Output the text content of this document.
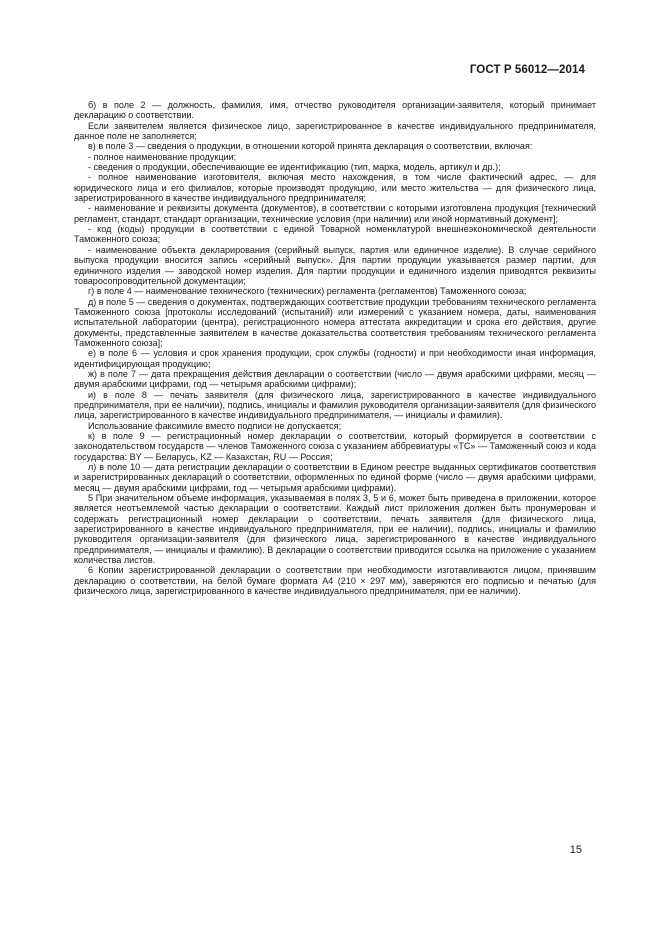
ГОСТ Р 56012—2014

б) в поле 2 — должность, фамилия, имя, отчество руководителя организации-заявителя, который принимает декларацию о соответствии.

Если заявителем является физическое лицо, зарегистрированное в качестве индивидуального предпринимателя, данное поле не заполняется;

в) в поле 3 — сведения о продукции, в отношении которой принята декларация о соответствии, включая:

- полное наименование продукции;

- сведения о продукции, обеспечивающие ее идентификацию (тип, марка, модель, артикул и др.);

- полное наименование изготовителя, включая место нахождения, в том числе фактический адрес, — для юридического лица и его филиалов, которые производят продукцию, или место жительства — для физического лица, зарегистрированного в качестве индивидуального предпринимателя;

- наименование и реквизиты документа (документов), в соответствии с которыми изготовлена продукция [технический регламент, стандарт, стандарт организации, технические условия (при наличии) или иной нормативный документ];

- код (коды) продукции в соответствии с единой Товарной номенклатурой внешнеэкономической деятельности Таможенного союза;

- наименование объекта декларирования (серийный выпуск, партия или единичное изделие). В случае серийного выпуска продукции вносится запись «серийный выпуск». Для партии продукции указывается размер партии, для единичного изделия — заводской номер изделия. Для партии продукции и единичного изделия приводятся реквизиты товаросопроводительной документации;

г) в поле 4 — наименование технического (технических) регламента (регламентов) Таможенного союза;

д) в поле 5 — сведения о документах, подтверждающих соответствие продукции требованиям технического регламента Таможенного союза [протоколы исследований (испытаний) или измерений с указанием номера, даты, наименования испытательной лаборатории (центра), регистрационного номера аттестата аккредитации и срока его действия, другие документы, представленные заявителем в качестве доказательства соответствия требованиям технического регламента Таможенного союза];

е) в поле 6 — условия и срок хранения продукции, срок службы (годности) и при необходимости иная информация, идентифицирующая продукцию;

ж) в поле 7 — дата прекращения действия декларации о соответствии (число — двумя арабскими цифрами, месяц — двумя арабскими цифрами, год — четырьмя арабскими цифрами);

и) в поле 8 — печать заявителя (для физического лица, зарегистрированного в качестве индивидуального предпринимателя, при ее наличии), подпись, инициалы и фамилия руководителя организации-заявителя (для физического лица, зарегистрированного в качестве индивидуального предпринимателя, — инициалы и фамилия).

Использование факсимиле вместо подписи не допускается;

к) в поле 9 — регистрационный номер декларации о соответствии, который формируется в соответствии с законодательством государств — членов Таможенного союза с указанием аббревиатуры «ТС» — Таможенный союз и кода государства: BY — Беларусь, KZ — Казахстан, RU — Россия;

л) в поле 10 — дата регистрации декларации о соответствии в Едином реестре выданных сертификатов соответствия и зарегистрированных деклараций о соответствии, оформленных по единой форме (число — двумя арабскими цифрами, месяц — двумя арабскими цифрами, год — четырьмя арабскими цифрами).

5 При значительном объеме информация, указываемая в полях 3, 5 и 6, может быть приведена в приложении, которое является неотъемлемой частью декларации о соответствии. Каждый лист приложения должен быть пронумерован и содержать регистрационный номер декларации о соответствии, печать заявителя (для физического лица, зарегистрированного в качестве индивидуального предпринимателя, при ее наличии), подпись, инициалы и фамилию руководителя организации-заявителя (для физического лица, зарегистрированного в качестве индивидуального предпринимателя, — инициалы и фамилию). В декларации о соответствии приводится ссылка на приложение с указанием количества листов.

6 Копии зарегистрированной декларации о соответствии при необходимости изготавливаются лицом, принявшим декларацию о соответствии, на белой бумаге формата А4 (210 × 297 мм), заверяются его подписью и печатью (для физического лица, зарегистрированного в качестве индивидуального предпринимателя, при ее наличии).

15
